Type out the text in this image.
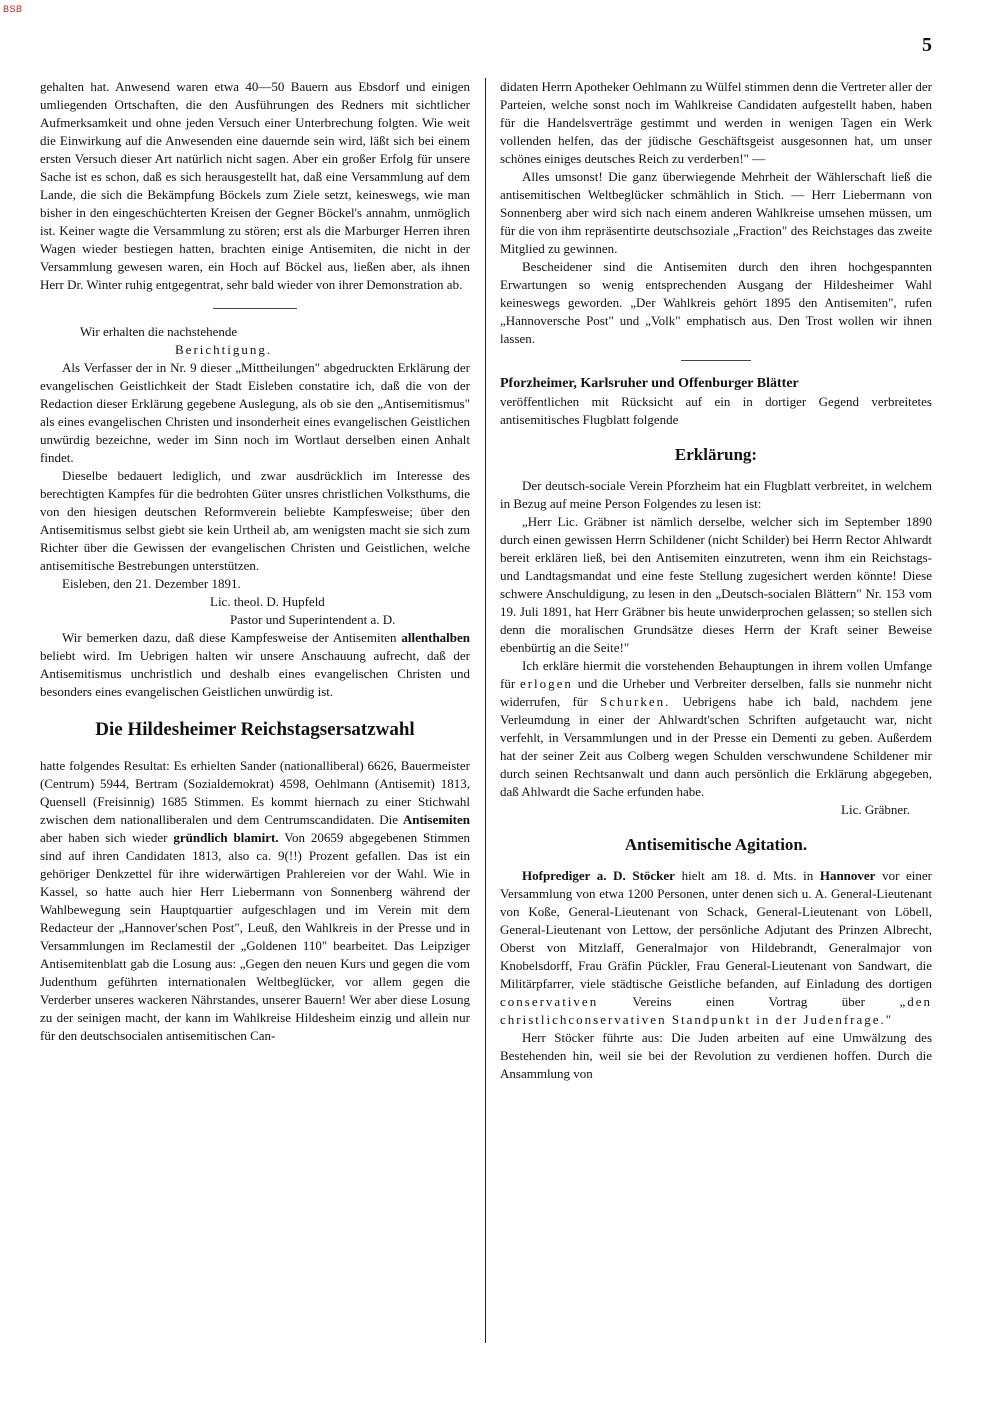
BSB
5

gehalten hat. Anwesend waren etwa 40—50 Bauern aus Ebsdorf und einigen umliegenden Ortschaften, die den Ausführungen des Redners mit sichtlicher Aufmerksamkeit und ohne jeden Versuch einer Unterbrechung folgten. Wie weit die Einwirkung auf die Anwesenden eine dauernde sein wird, läßt sich bei einem ersten Versuch dieser Art natürlich nicht sagen. Aber ein großer Erfolg für unsere Sache ist es schon, daß es sich herausgestellt hat, daß eine Versammlung auf dem Lande, die sich die Bekämpfung Böckels zum Ziele setzt, keineswegs, wie man bisher in den eingeschüchterten Kreisen der Gegner Böckel's annahm, unmöglich ist. Keiner wagte die Versammlung zu stören; erst als die Marburger Herren ihren Wagen wieder bestiegen hatten, brachten einige Antisemiten, die nicht in der Versammlung gewesen waren, ein Hoch auf Böckel aus, ließen aber, als ihnen Herr Dr. Winter ruhig entgegentrat, sehr bald wieder von ihrer Demonstration ab.

Wir erhalten die nachstehende

Berichtigung.

Als Verfasser der in Nr. 9 dieser „Mittheilungen" abgedruckten Erklärung der evangelischen Geistlichkeit der Stadt Eisleben constatire ich, daß die von der Redaction dieser Erklärung gegebene Auslegung, als ob sie den „Antisemitismus" als eines evangelischen Christen und insonderheit eines evangelischen Geistlichen unwürdig bezeichne, weder im Sinn noch im Wortlaut derselben einen Anhalt findet.

Dieselbe bedauert lediglich, und zwar ausdrücklich im Interesse des berechtigten Kampfes für die bedrohten Güter unsres christlichen Volksthums, die von den hiesigen deutschen Reformverein beliebte Kampfesweise; über den Antisemitismus selbst giebt sie kein Urtheil ab, am wenigsten macht sie sich zum Richter über die Gewissen der evangelischen Christen und Geistlichen, welche antisemitische Bestrebungen unterstützen.

Eisleben, den 21. Dezember 1891.

Lic. theol. D. Hupfeld

Pastor und Superintendent a. D.

Wir bemerken dazu, daß diese Kampfesweise der Antisemiten allenthalben beliebt wird. Im Uebrigen halten wir unsere Anschauung aufrecht, daß der Antisemitismus unchristlich und deshalb eines evangelischen Christen und besonders eines evangelischen Geistlichen unwürdig ist.

Die Hildesheimer Reichstagsersatzwahl

hatte folgendes Resultat: Es erhielten Sander (nationalliberal) 6626, Bauermeister (Centrum) 5944, Bertram (Sozialdemokrat) 4598, Oehlmann (Antisemit) 1813, Quensell (Freisinnig) 1685 Stimmen. Es kommt hiernach zu einer Stichwahl zwischen dem nationalliberalen und dem Centrumscandidaten. Die Antisemiten aber haben sich wieder gründlich blamirt. Von 20659 abgegebenen Stimmen sind auf ihren Candidaten 1813, also ca. 9(!!) Prozent gefallen. Das ist ein gehöriger Denkzettel für ihre widerwärtigen Prahlereien vor der Wahl. Wie in Kassel, so hatte auch hier Herr Liebermann von Sonnenberg während der Wahlbewegung sein Hauptquartier aufgeschlagen und im Verein mit dem Redacteur der „Hannover'schen Post", Leuß, den Wahlkreis in der Presse und in Versammlungen im Reclamestil der „Goldenen 110" bearbeitet. Das Leipziger Antisemitenblatt gab die Losung aus: „Gegen den neuen Kurs und gegen die vom Judenthum geführten internationalen Weltbeglücker, vor allem gegen die Verderber unseres wackeren Nährstandes, unserer Bauern! Wer aber diese Losung zu der seinigen macht, der kann im Wahlkreise Hildesheim einzig und allein nur für den deutschsocialen antisemitischen Can-

didaten Herrn Apotheker Oehlmann zu Wülfel stimmen denn die Vertreter aller der Parteien, welche sonst noch im Wahlkreise Candidaten aufgestellt haben, haben für die Handelsverträge gestimmt und werden in wenigen Tagen ein Werk vollenden helfen, das der jüdische Geschäftsgeist ausgesonnen hat, um unser schönes einiges deutsches Reich zu verderben!" —

Alles umsonst! Die ganz überwiegende Mehrheit der Wählerschaft ließ die antisemitischen Weltbeglücker schmählich in Stich. — Herr Liebermann von Sonnenberg aber wird sich nach einem anderen Wahlkreise umsehen müssen, um für die von ihm repräsentirte deutschsoziale „Fraction" des Reichstages das zweite Mitglied zu gewinnen.

Bescheidener sind die Antisemiten durch den ihren hochgespannten Erwartungen so wenig entsprechenden Ausgang der Hildesheimer Wahl keineswegs geworden. „Der Wahlkreis gehört 1895 den Antisemiten", rufen „Hannoversche Post" und „Volk" emphatisch aus. Den Trost wollen wir ihnen lassen.

Pforzheimer, Karlsruher und Offenburger Blätter

veröffentlichen mit Rücksicht auf ein in dortiger Gegend verbreitetes antisemitisches Flugblatt folgende

Erklärung:

Der deutsch-sociale Verein Pforzheim hat ein Flugblatt verbreitet, in welchem in Bezug auf meine Person Folgendes zu lesen ist:

„Herr Lic. Gräbner ist nämlich derselbe, welcher sich im September 1890 durch einen gewissen Herrn Schildener (nicht Schilder) bei Herrn Rector Ahlwardt bereit erklären ließ, bei den Antisemiten einzutreten, wenn ihm ein Reichstags- und Landtagsmandat und eine feste Stellung zugesichert werden könnte! Diese schwere Anschuldigung, zu lesen in den „Deutsch-socialen Blättern" Nr. 153 vom 19. Juli 1891, hat Herr Gräbner bis heute unwiderprochen gelassen; so stellen sich denn die moralischen Grundsätze dieses Herrn der Kraft seiner Beweise ebenbürtig an die Seite!"

Ich erkläre hiermit die vorstehenden Behauptungen in ihrem vollen Umfange für erlogen und die Urheber und Verbreiter derselben, falls sie nunmehr nicht widerrufen, für Schurken. Uebrigens habe ich bald, nachdem jene Verleumdung in einer der Ahlwardt'schen Schriften aufgetaucht war, nicht verfehlt, in Versammlungen und in der Presse ein Dementi zu geben. Außerdem hat der seiner Zeit aus Colberg wegen Schulden verschwundene Schildener mir durch seinen Rechtsanwalt und dann auch persönlich die Erklärung abgegeben, daß Ahlwardt die Sache erfunden habe.

Lic. Gräbner.

Antisemitische Agitation.

Hofprediger a. D. Stöcker hielt am 18. d. Mts. in Hannover vor einer Versammlung von etwa 1200 Personen, unter denen sich u. A. General-Lieutenant von Koße, General-Lieutenant von Schack, General-Lieutenant von Löbell, General-Lieutenant von Lettow, der persönliche Adjutant des Prinzen Albrecht, Oberst von Mitzlaff, Generalmajor von Hildebrandt, Generalmajor von Knobelsdorff, Frau Gräfin Pückler, Frau General-Lieutenant von Sandwart, die Militärpfarrer, viele städtische Geistliche befanden, auf Einladung des dortigen conservativen	Vereins einen Vortrag über	„den christlichconservativen Standpunkt in der Judenfrage."

Herr Stöcker führte aus: Die Juden arbeiten auf eine Umwälzung des Bestehenden hin, weil sie bei der Revolution zu verdienen hoffen. Durch die Ansammlung von
